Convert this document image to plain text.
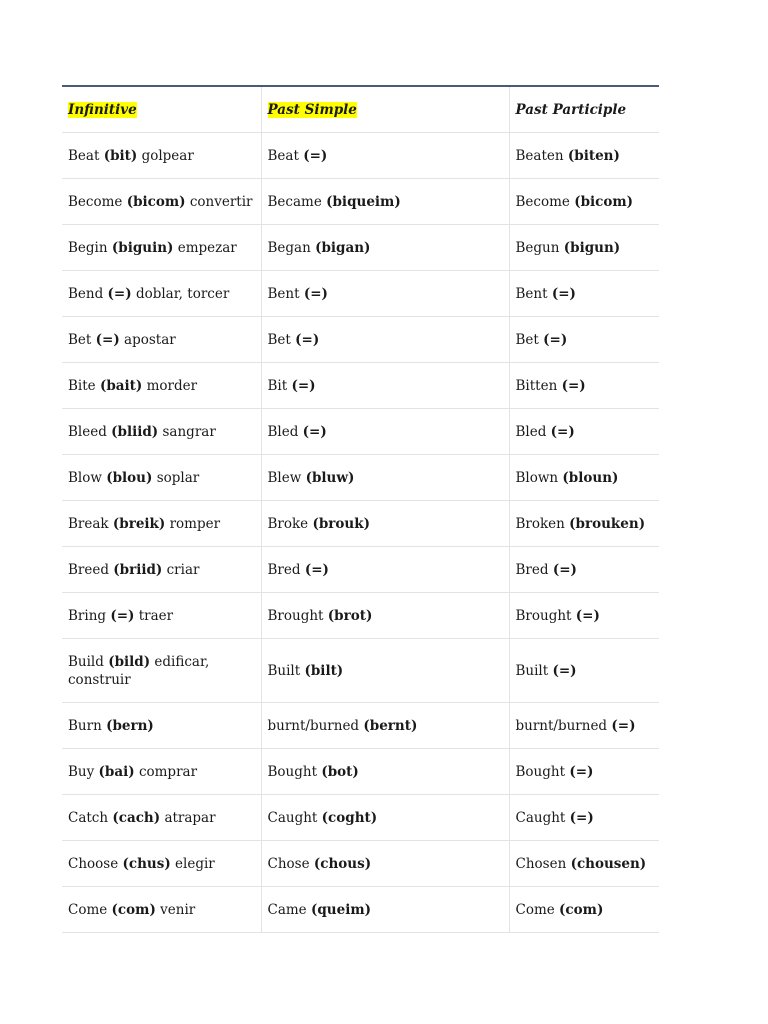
Infinitive	Past Simple	Past Participle
Beat (bit) golpear	Beat (=)	Beaten (biten)
Become (bicom) convertir	Became (biqueim)	Become (bicom)
Begin (biguin) empezar	Began (bigan)	Begun (bigun)
Bend (=) doblar, torcer	Bent (=)	Bent (=)
Bet (=) apostar	Bet (=)	Bet (=)
Bite (bait) morder	Bit (=)	Bitten (=)
Bleed (bliid) sangrar	Bled (=)	Bled (=)
Blow (blou) soplar	Blew (bluw)	Blown (bloun)
Break (breik) romper	Broke (brouk)	Broken (brouken)
Breed (briid) criar	Bred (=)	Bred (=)
Bring (=) traer	Brought (brot)	Brought (=)
Build (bild) edificar, construir	Built (bilt)	Built (=)
Burn (bern)	burnt/burned (bernt)	burnt/burned (=)
Buy (bai) comprar	Bought (bot)	Bought (=)
Catch (cach) atrapar	Caught (coght)	Caught (=)
Choose (chus) elegir	Chose (chous)	Chosen (chousen)
Come (com) venir	Came (queim)	Come (com)
